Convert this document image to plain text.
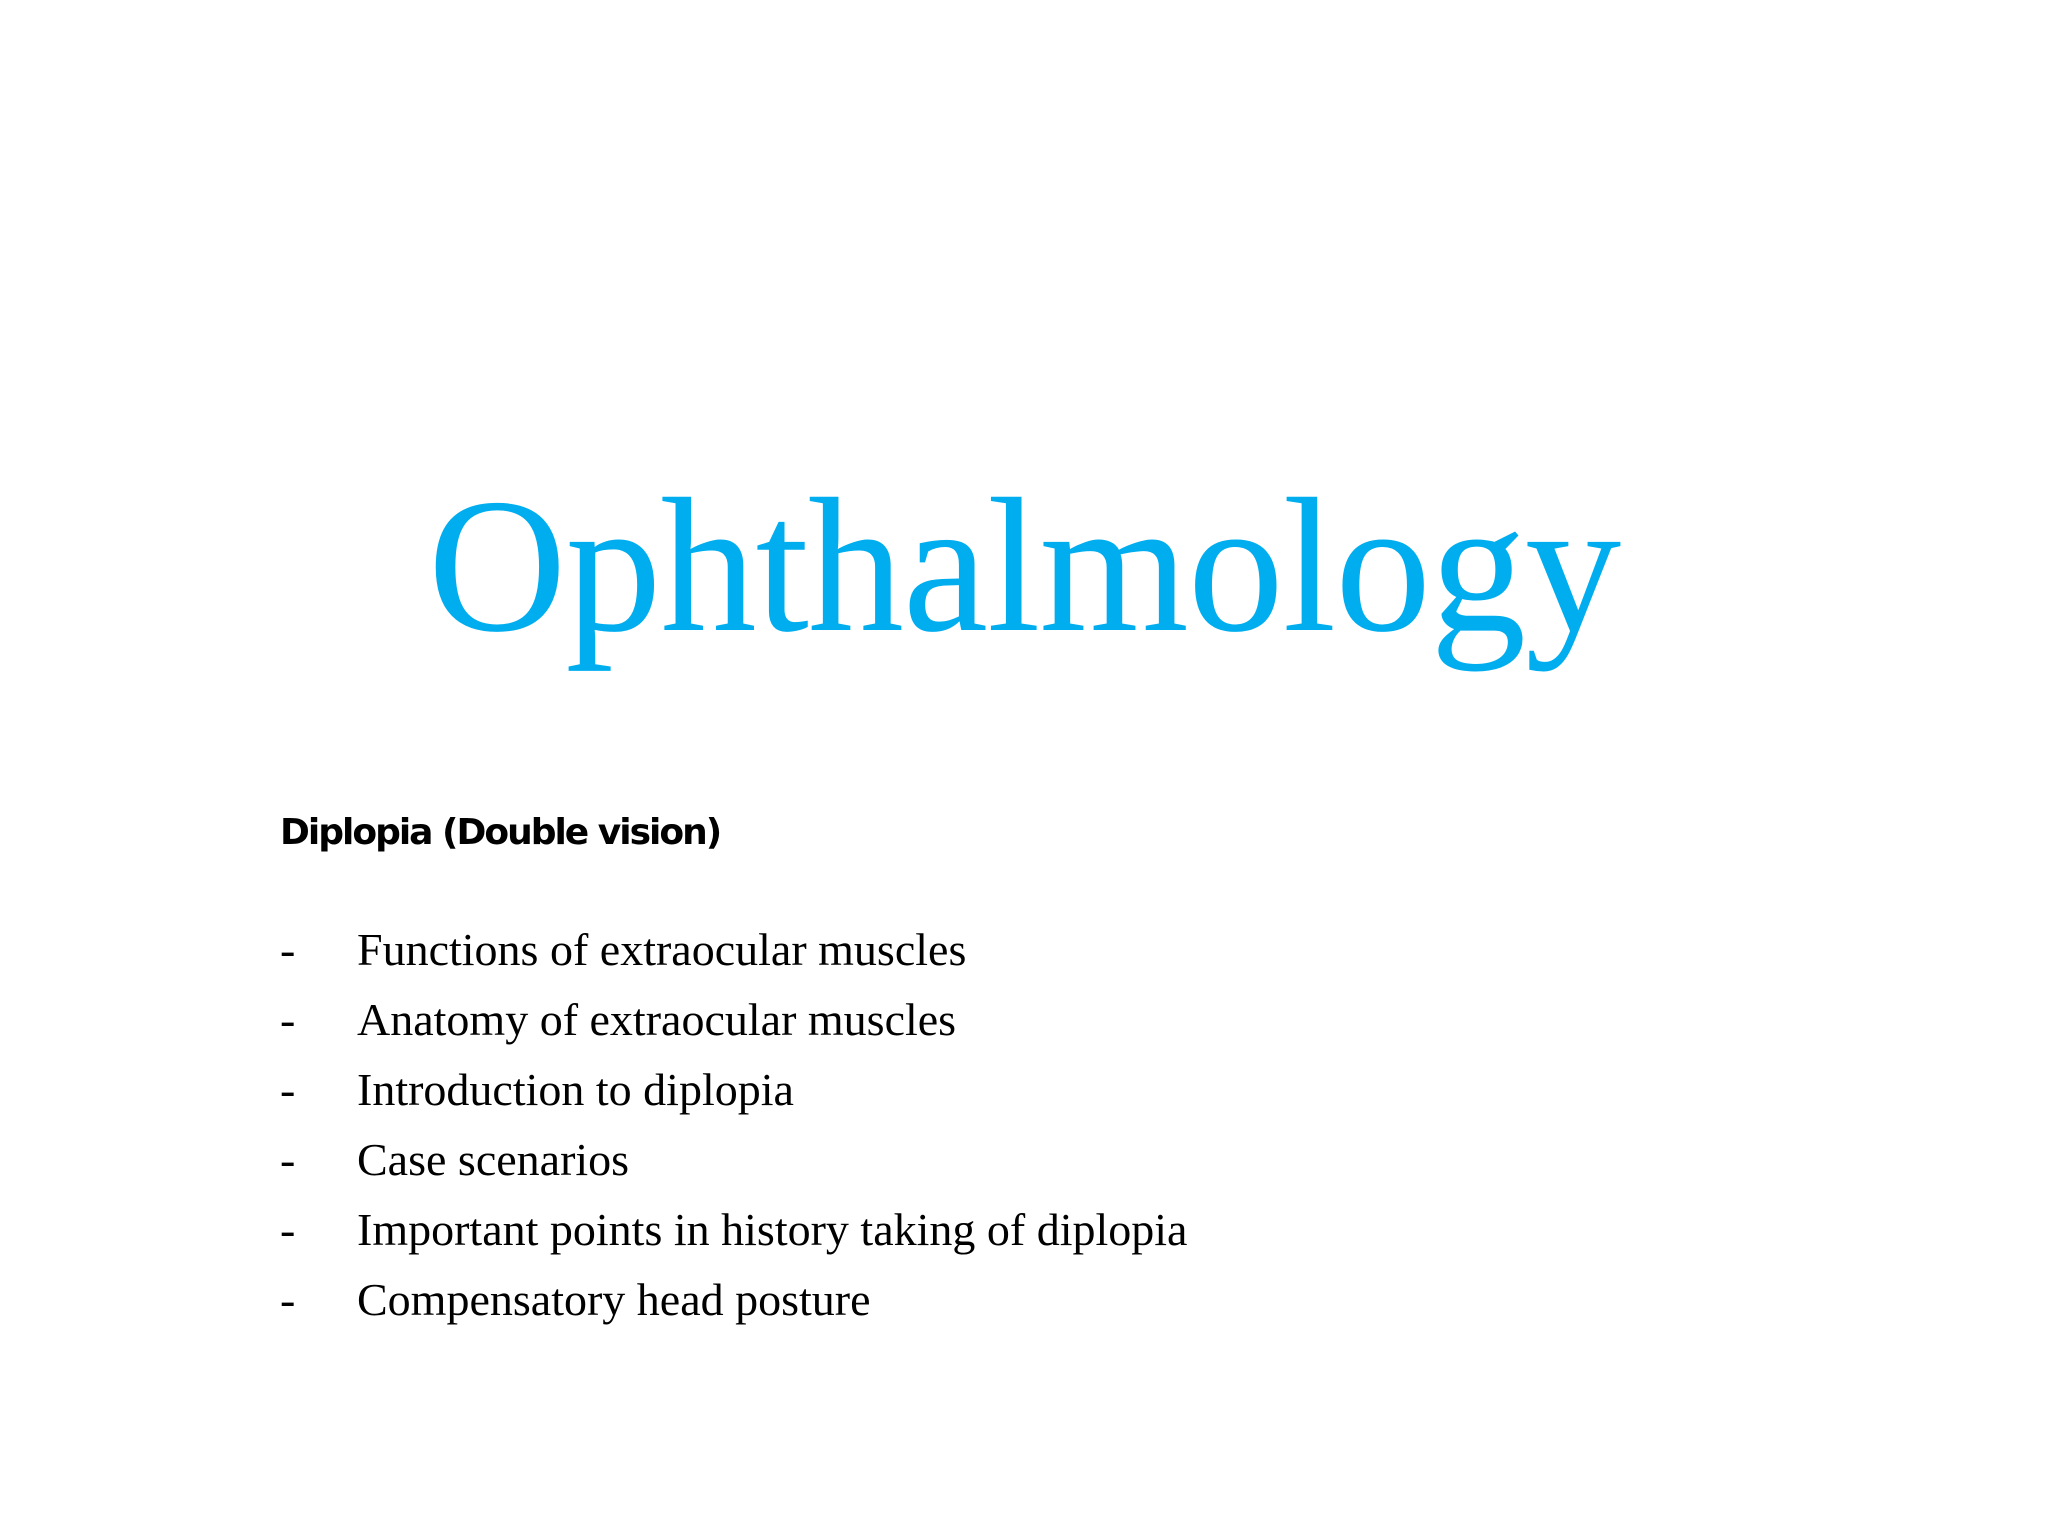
Ophthalmology
Diplopia (Double vision)
-	Functions of extraocular muscles
-	Anatomy of extraocular muscles
-	Introduction to diplopia
-	Case scenarios
-	Important points in history taking of diplopia
-	Compensatory head posture
